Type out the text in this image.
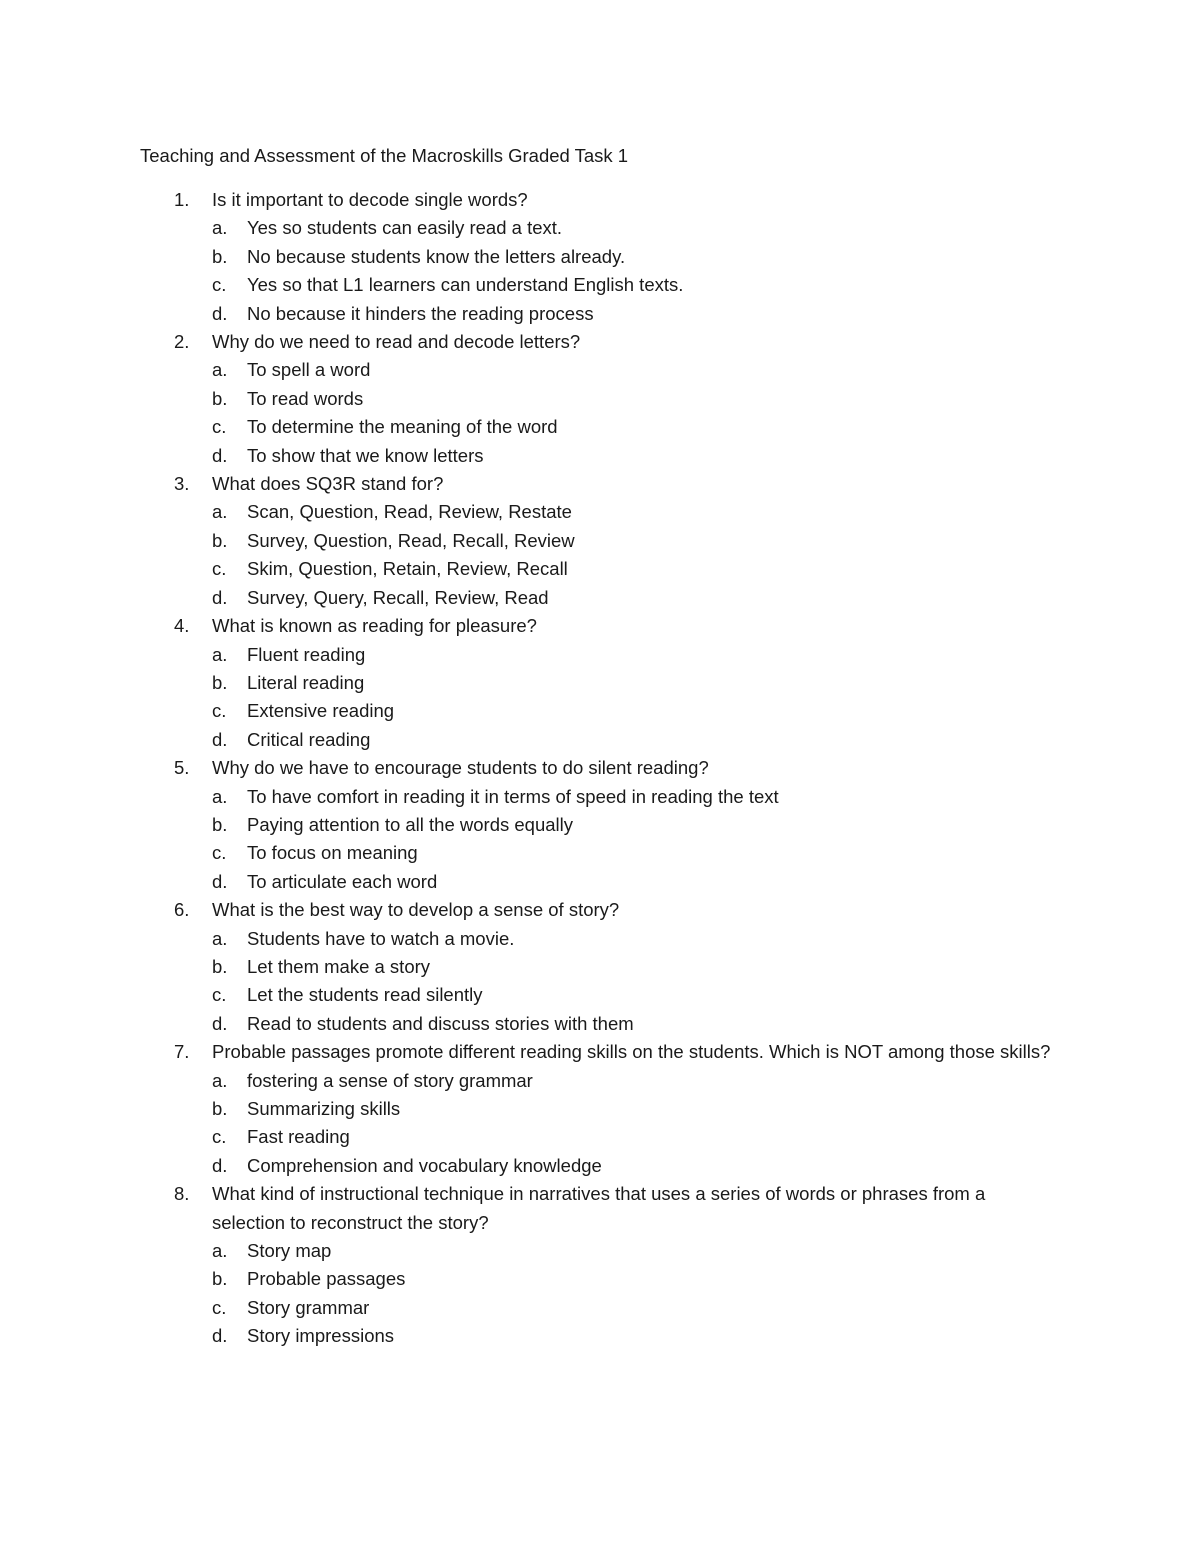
Teaching and Assessment of the Macroskills Graded Task 1
1.	Is it important to decode single words?
a.	Yes so students can easily read a text.
b.	No because students know the letters already.
c.	Yes so that L1 learners can understand English texts.
d.	No because it hinders the reading process
2.	Why do we need to read and decode letters?
a.	To spell a word
b.	To read words
c.	To determine the meaning of the word
d.	To show that we know letters
3.	What does SQ3R stand for?
a.	Scan, Question, Read, Review, Restate
b.	Survey, Question, Read, Recall, Review
c.	Skim, Question, Retain, Review, Recall
d.	Survey, Query, Recall, Review, Read
4.	What is known as reading for pleasure?
a.	Fluent reading
b.	Literal reading
c.	Extensive reading
d.	Critical reading
5.	Why do we have to encourage students to do silent reading?
a.	To have comfort in reading it in terms of speed in reading the text
b.	Paying attention to all the words equally
c.	To focus on meaning
d.	To articulate each word
6.	What is the best way to develop a sense of story?
a.	Students have to watch a movie.
b.	Let them make a story
c.	Let the students read silently
d.	Read to students and discuss stories with them
7.	Probable passages promote different reading skills on the students. Which is NOT among those skills?
a.	fostering a sense of story grammar
b.	Summarizing skills
c.	Fast reading
d.	Comprehension and vocabulary knowledge
8.	What kind of instructional technique in narratives that uses a series of words or phrases from a selection to reconstruct the story?
a.	Story map
b.	Probable passages
c.	Story grammar
d.	Story impressions
